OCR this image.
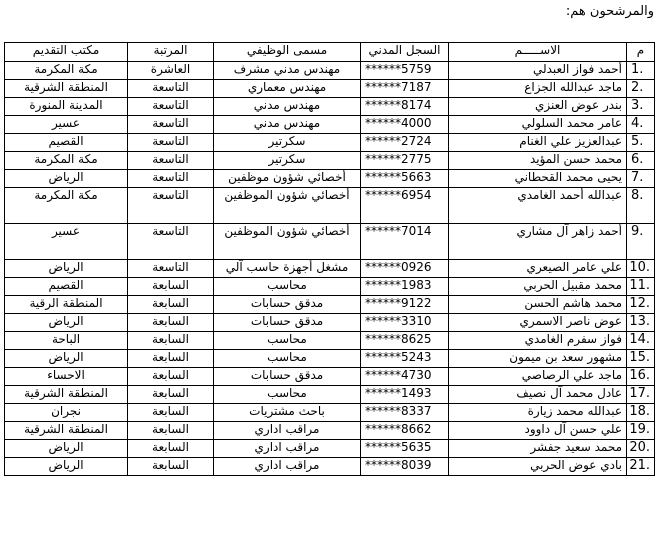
والمرشحون هم:
م	الاســـــم	السجل المدني	مسمى الوظيفي	المرتبة	مكتب التقديم
.1	أحمد فواز العبدلي	5759******	مهندس مدني مشرف	العاشرة	مكة المكرمة
.2	ماجد عبدالله الجزاع	7187******	مهندس معماري	التاسعة	المنطقة الشرقية
.3	بندر عوض العنزي	8174******	مهندس مدني	التاسعة	المدينة المنورة
.4	عامر محمد السلولي	4000******	مهندس مدني	التاسعة	عسير
.5	عبدالعزيز علي الغنام	2724******	سكرتير	التاسعة	القصيم
.6	محمد حسن المؤيد	2775******	سكرتير	التاسعة	مكة المكرمة
.7	يحيى محمد القحطاني	5663******	أخصائي شؤون موظفين	التاسعة	الرياض
.8	عبدالله أحمد الغامدي	6954******	أخصائي شؤون الموظفين	التاسعة	مكة المكرمة
.9	أحمد زاهر آل مشاري	7014******	أخصائي شؤون الموظفين	التاسعة	عسير
.10	علي عامر الصيعري	0926******	مشغل أجهزة حاسب آلي	التاسعة	الرياض
.11	محمد مقبيل الحربي	1983******	محاسب	السابعة	القصيم
.12	محمد هاشم الحسن	9122******	مدقق حسابات	السابعة	المنطقة الرقية
.13	عوض ناصر الاسمري	3310******	مدقق حسابات	السابعة	الرياض
.14	فواز سفرم الغامدي	8625******	محاسب	السابعة	الباحة
.15	مشهور سعد بن ميمون	5243******	محاسب	السابعة	الرياض
.16	ماجد علي الرصاصي	4730******	مدقق حسابات	السابعة	الاحساء
.17	عادل محمد آل نصيف	1493******	محاسب	السابعة	المنطقة الشرقية
.18	عبدالله محمد زيارة	8337******	باحث مشتريات	السابعة	نجران
.19	علي حسن آل داوود	8662******	مراقب اداري	السابعة	المنطقة الشرقية
.20	محمد سعيد جفشر	5635******	مراقب اداري	السابعة	الرياض
.21	بادي عوض الحربي	8039******	مراقب اداري	السابعة	الرياض
